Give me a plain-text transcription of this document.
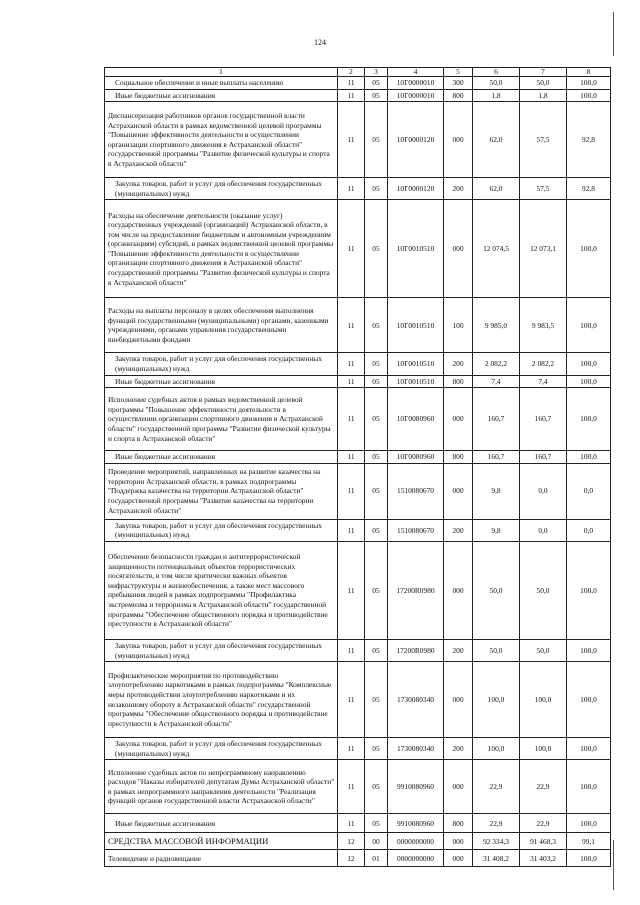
124
1	2	3	4	5	6	7	8
Социальное обеспечение и иные выплаты населению	11	05	10Г0000010	300	50,0	50,0	100,0
Иные бюджетные ассигнования	11	05	10Г0000010	800	1,8	1,8	100,0
Диспансеризация работников органов государственной власти Астраханской области в рамках ведомственной целевой программы "Повышение эффективности деятельности в осуществлении организации спортивного движения в Астраханской области" государственной программы "Развитие физической культуры и спорта в Астраханской области"	11	05	10Г0000120	000	62,0	57,5	92,8
Закупка товаров, работ и услуг для обеспечения государственных (муниципальных) нужд	11	05	10Г0000120	200	62,0	57,5	92,8
Расходы на обеспечение деятельности (оказание услуг) государственных учреждений (организаций) Астраханской области, в том числе на предоставление бюджетным и автономным учреждениям (организациям) субсидий, в рамках ведомственной целевой программы "Повышение эффективности деятельности в осуществлении организации спортивного движения в Астраханской области" государственной программы "Развитие физической культуры и спорта в Астраханской области"	11	05	10Г0010510	000	12 074,5	12 073,1	100,0
Расходы на выплаты персоналу в целях обеспечения выполнения функций государственными (муниципальными) органами, казенными учреждениями, органами управления государственными внебюджетными фондами	11	05	10Г0010510	100	9 985,0	9 983,5	100,0
Закупка товаров, работ и услуг для обеспечения государственных (муниципальных) нужд	11	05	10Г0010510	200	2 082,2	2 082,2	100,0
Иные бюджетные ассигнования	11	05	10Г0010510	800	7,4	7,4	100,0
Исполнение судебных актов в рамках ведомственной целевой программы "Повышение эффективности деятельности в осуществлении организации спортивного движения в Астраханской области" государственной программы "Развитие физической культуры и спорта в Астраханской области"	11	05	10Г0080960	000	160,7	160,7	100,0
Иные бюджетные ассигнования	11	05	10Г0080960	800	160,7	160,7	100,0
Проведение мероприятий, направленных на развитие казачества на территории Астраханской области, в рамках подпрограммы "Поддержка казачества на территории Астраханской области" государственной программы "Развитие казачества на территории Астраханской области"	11	05	1510080670	000	9,8	0,0	0,0
Закупка товаров, работ и услуг для обеспечения государственных (муниципальных) нужд	11	05	1510080670	200	9,8	0,0	0,0
Обеспечение безопасности граждан и антитеррористической защищенности потенциальных объектов террористических посягательств, в том числе критически важных объектов инфраструктуры и жизнеобеспечения, а также мест массового пребывания людей в рамках подпрограммы "Профилактика экстремизма и терроризма в Астраханской области" государственной программы "Обеспечение общественного порядка и противодействие преступности в Астраханской области"	11	05	17200R0980	000	50,0	50,0	100,0
Закупка товаров, работ и услуг для обеспечения государственных (муниципальных) нужд	11	05	17200R0980	200	50,0	50,0	100,0
Профилактические мероприятия по противодействию злоупотреблению наркотиками в рамках подпрограммы "Комплексные меры противодействия злоупотреблению наркотиками и их незаконному обороту в Астраханской области" государственной программы "Обеспечение общественного порядка и противодействие преступности в Астраханской области"	11	05	1730080340	000	100,0	100,0	100,0
Закупка товаров, работ и услуг для обеспечения государственных (муниципальных) нужд	11	05	1730080340	200	100,0	100,0	100,0
Исполнение судебных актов по непрограммному направлению расходов "Наказы избирателей депутатам Думы Астраханской области" в рамках непрограммного направления деятельности "Реализация функций органов государственной власти Астраханской области"	11	05	9910080960	000	22,9	22,9	100,0
Иные бюджетные ассигнования	11	05	9910080960	800	22,9	22,9	100,0
СРЕДСТВА МАССОВОЙ ИНФОРМАЦИИ	12	00	0000000000	000	92 334,3	91 468,3	99,1
Телевидение и радиовещание	12	01	0000000000	000	31 408,2	31 403,2	100,0
